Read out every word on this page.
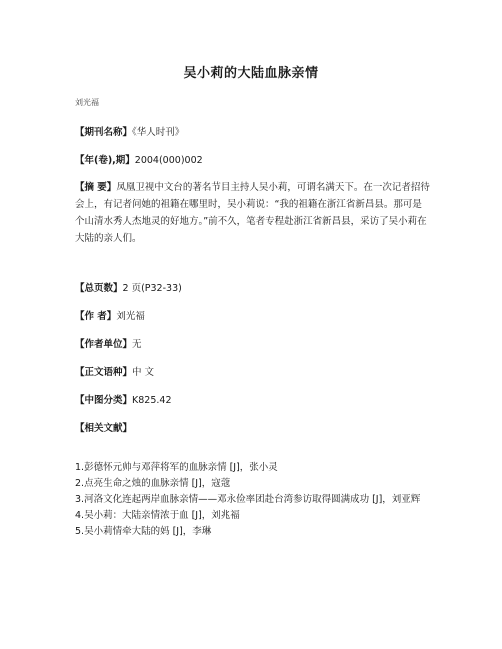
吴小莉的大陆血脉亲情
刘光福
【期刊名称】《华人时刊》
【年(卷),期】2004(000)002
【摘 要】凤凰卫视中文台的著名节目主持人吴小莉，可谓名满天下。在一次记者招待会上，有记者问她的祖籍在哪里时，吴小莉说：“我的祖籍在浙江省新昌县。那可是个山清水秀人杰地灵的好地方。”前不久，笔者专程赴浙江省新昌县，采访了吴小莉在大陆的亲人们。
【总页数】2 页(P32-33)
【作 者】刘光福
【作者单位】无
【正文语种】中 文
【中图分类】K825.42
【相关文献】
1.彭德怀元帅与邓萍将军的血脉亲情 [J]，张小灵
2.点亮生命之烛的血脉亲情 [J]，寇蔻
3.河洛文化连起两岸血脉亲情——邓永俭率团赴台湾参访取得圆满成功 [J]，刘亚辉
4.吴小莉：大陆亲情浓于血 [J]，刘兆福
5.吴小莉情牵大陆的妈 [J]，李琳
